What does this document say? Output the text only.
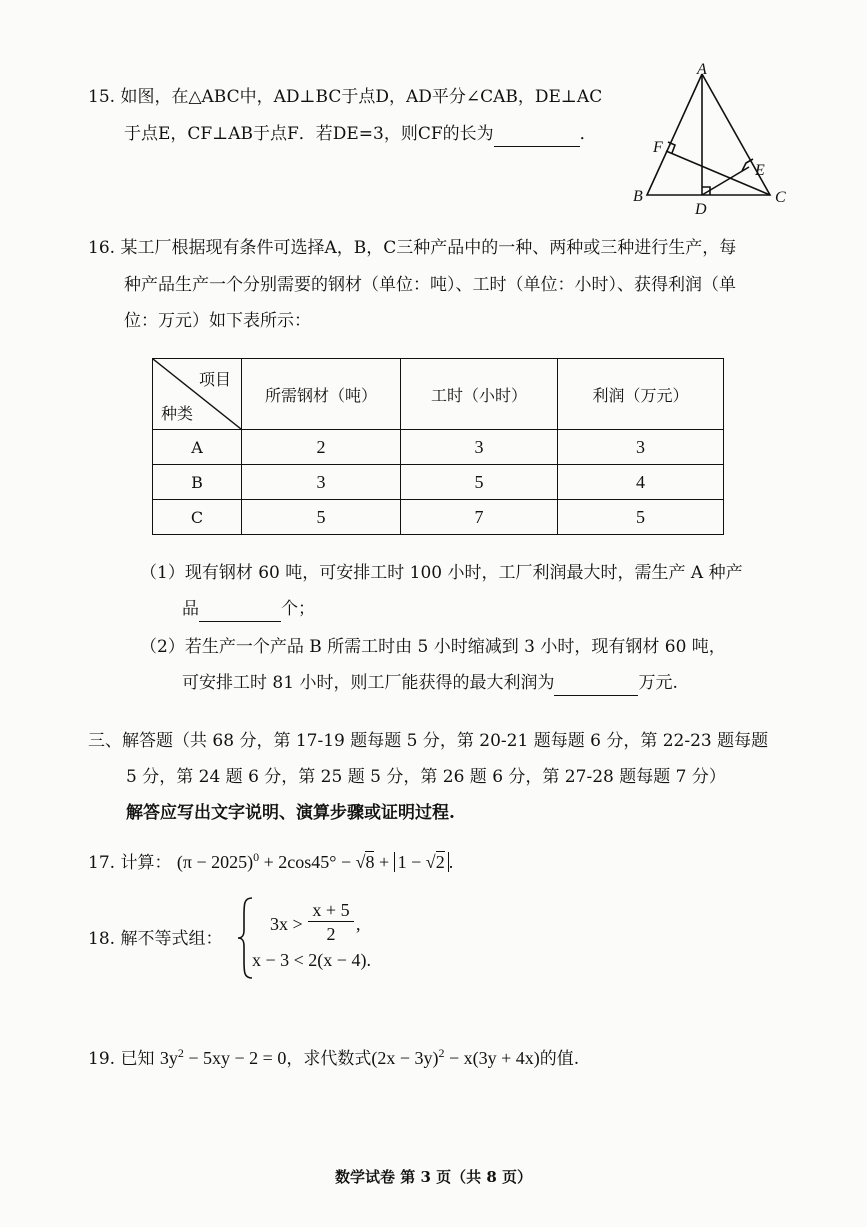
15. 如图，在△ABC中，AD⊥BC于点D，AD平分∠CAB，DE⊥AC
于点E，CF⊥AB于点F．若DE=3，则CF的长为	．
A
B	C
D
E
F
16. 某工厂根据现有条件可选择A，B，C三种产品中的一种、两种或三种进行生产，每
种产品生产一个分别需要的钢材（单位：吨）、工时（单位：小时）、获得利润（单
位：万元）如下表所示：
项目
种类	所需钢材（吨）	工时（小时）	利润（万元）
A	2	3	3
B	3	5	4
C	5	7	5
（1）现有钢材 60 吨，可安排工时 100 小时，工厂利润最大时，需生产 A 种产
品	个；
（2）若生产一个产品 B 所需工时由 5 小时缩减到 3 小时，现有钢材 60 吨，
可安排工时 81 小时，则工厂能获得的最大利润为	万元.
三、解答题（共 68 分，第 17-19 题每题 5 分，第 20-21 题每题 6 分，第 22-23 题每题
5 分，第 24 题 6 分，第 25 题 5 分，第 26 题 6 分，第 27-28 题每题 7 分）
解答应写出文字说明、演算步骤或证明过程.
17. 计算： $(\pi - 2025)^0 + 2\cos 45^\circ - √8 + 1 - √2$ .
18. 解不等式组：
3x >
x + 5
2	,
x − 3 < 2(x − 4).
19. 已知 $3y^2 - 5xy - 2 = 0$，求代数式$(2x - 3y)^2 - x(3y + 4x)$的值.
数学试卷 第 3 页（共 8 页）
